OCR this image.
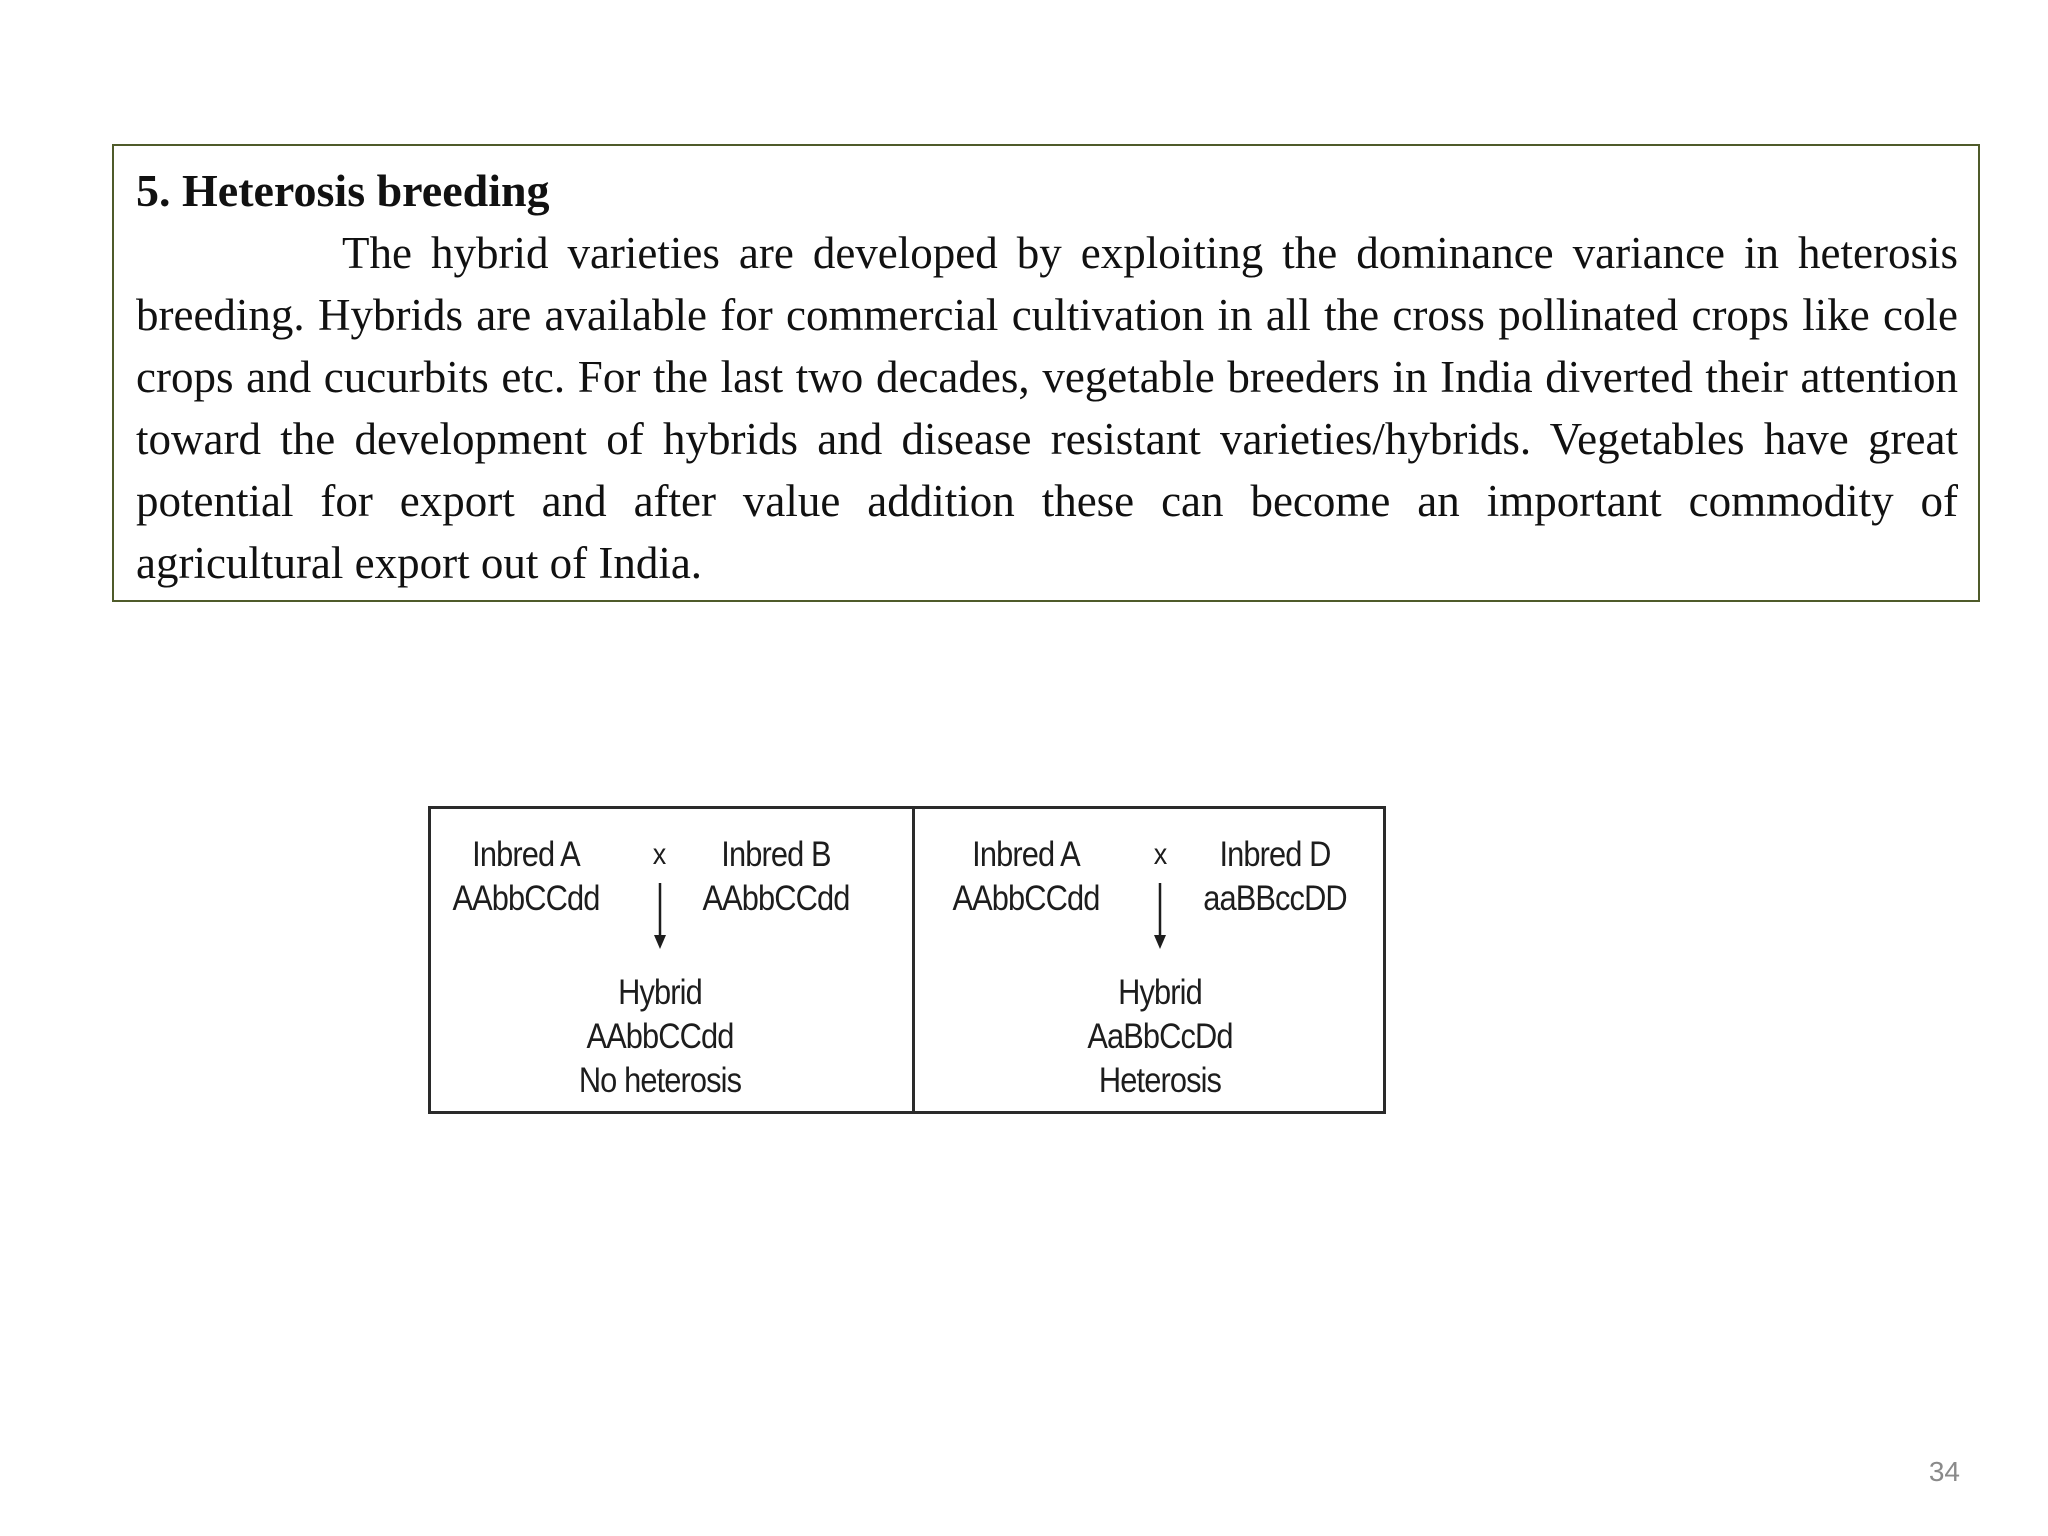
5. Heterosis breeding

The hybrid varieties are developed by exploiting the dominance variance in heterosis breeding. Hybrids are available for commercial cultivation in all the cross pollinated crops like cole crops and cucurbits etc. For the last two decades, vegetable breeders in India diverted their attention toward the development of hybrids and disease resistant varieties/hybrids. Vegetables have great potential for export and after value addition these can become an important commodity of agricultural export out of India.

Inbred A
AAbbCCdd
x	Inbred B
AAbbCCdd
Hybrid
AAbbCCdd
No heterosis
Inbred A
AAbbCCdd
x Inbred D
aaBBccDD
Hybrid
AaBbCcDd
Heterosis
34
